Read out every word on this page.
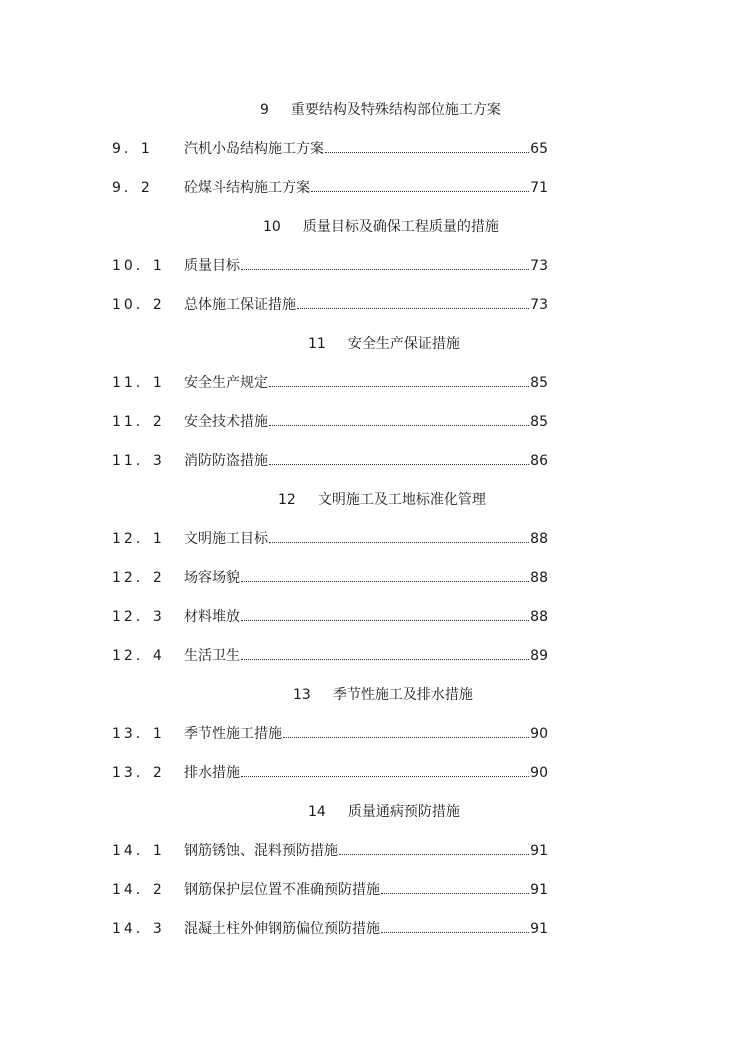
9 重要结构及特殊结构部位施工方案
9．1	汽机小岛结构施工方案	65
9．2	砼煤斗结构施工方案	71
10 质量目标及确保工程质量的措施
10．1	质量目标	73
10．2	总体施工保证措施	73
11 安全生产保证措施
11．1	安全生产规定	85
11．2	安全技术措施	85
11．3	消防防盗措施	86
12 文明施工及工地标准化管理
12．1	文明施工目标	88
12．2	场容场貌	88
12．3	材料堆放	88
12．4	生活卫生	89
13 季节性施工及排水措施
13．1	季节性施工措施	90
13．2	排水措施	90
14 质量通病预防措施
14．1	钢筋锈蚀、混料预防措施	91
14．2	钢筋保护层位置不准确预防措施	91
14．3	混凝土柱外伸钢筋偏位预防措施	91
